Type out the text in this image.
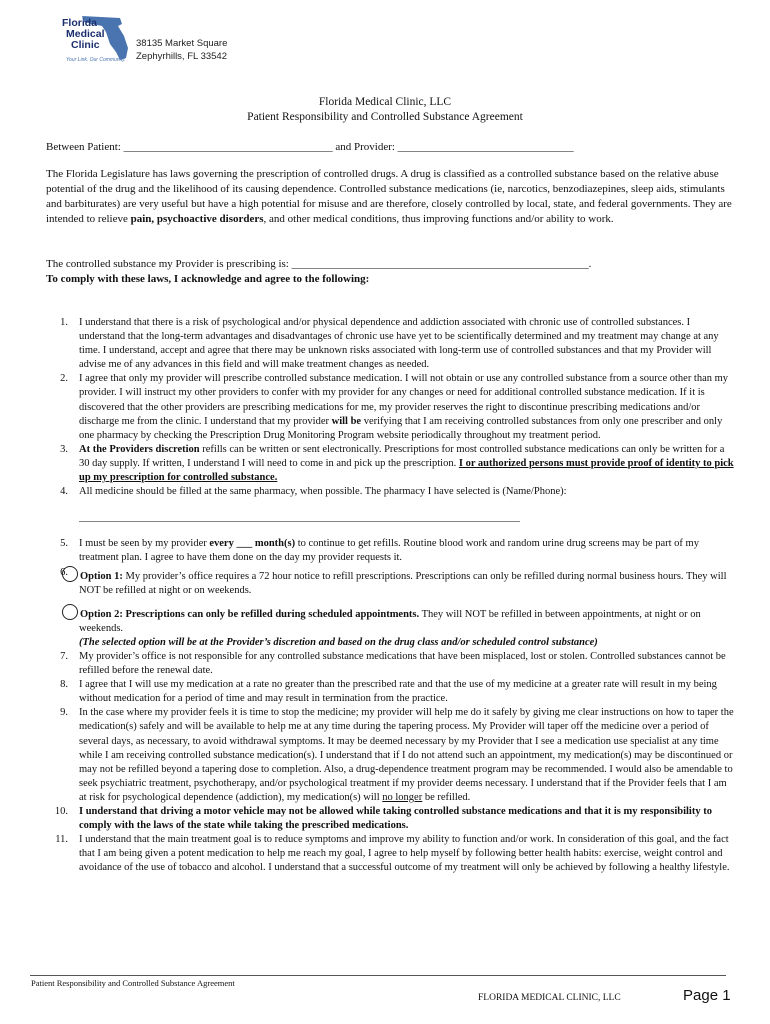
Florida
Medical
Clinic
Your Link. Our Community.
38135 Market Square
Zephyrhills, FL 33542
Florida Medical Clinic, LLC
Patient Responsibility and Controlled Substance Agreement
Between Patient: ______________________________________ and Provider: ________________________________
The Florida Legislature has laws governing the prescription of controlled drugs. A drug is classified as a controlled substance based on the relative abuse potential of the drug and the likelihood of its causing dependence. Controlled substance medications (ie, narcotics, benzodiazepines, sleep aids, stimulants and barbiturates) are very useful but have a high potential for misuse and are therefore, closely controlled by local, state, and federal governments. They are intended to relieve pain, psychoactive disorders, and other medical conditions, thus improving functions and/or ability to work.
The controlled substance my Provider is prescribing is: ______________________________________________________.
To comply with these laws, I acknowledge and agree to the following:
1. I understand that there is a risk of psychological and/or physical dependence and addiction associated with chronic use of controlled substances. I understand that the long-term advantages and disadvantages of chronic use have yet to be scientifically determined and my treatment may change at any time. I understand, accept and agree that there may be unknown risks associated with long-term use of controlled substances and that my Provider will advise me of any advances in this field and will make treatment changes as needed.
2. I agree that only my provider will prescribe controlled substance medication. I will not obtain or use any controlled substance from a source other than my provider. I will instruct my other providers to confer with my provider for any changes or need for additional controlled substance medication. If it is discovered that the other providers are prescribing medications for me, my provider reserves the right to discontinue prescribing medications and/or discharge me from the clinic. I understand that my provider will be verifying that I am receiving controlled substances from only one prescriber and only one pharmacy by checking the Prescription Drug Monitoring Program website periodically throughout my treatment period.
3. At the Providers discretion refills can be written or sent electronically. Prescriptions for most controlled substance medications can only be written for a 30 day supply. If written, I understand I will need to come in and pick up the prescription. I or authorized persons must provide proof of identity to pick up my prescription for controlled substance.
4. All medicine should be filled at the same pharmacy, when possible. The pharmacy I have selected is (Name/Phone):
____________________________________________________________________________________
5. I must be seen by my provider every ___ month(s) to continue to get refills. Routine blood work and random urine drug screens may be part of my treatment plan. I agree to have them done on the day my provider requests it.
6. Option 1: My provider’s office requires a 72 hour notice to refill prescriptions. Prescriptions can only be refilled during normal business hours. They will NOT be refilled at night or on weekends.
Option 2: Prescriptions can only be refilled during scheduled appointments. They will NOT be refilled in between appointments, at night or on weekends.
(The selected option will be at the Provider’s discretion and based on the drug class and/or scheduled control substance)
7. My provider’s office is not responsible for any controlled substance medications that have been misplaced, lost or stolen. Controlled substances cannot be refilled before the renewal date.
8. I agree that I will use my medication at a rate no greater than the prescribed rate and that the use of my medicine at a greater rate will result in my being without medication for a period of time and may result in termination from the practice.
9. In the case where my provider feels it is time to stop the medicine; my provider will help me do it safely by giving me clear instructions on how to taper the medication(s) safely and will be available to help me at any time during the tapering process. My Provider will taper off the medicine over a period of several days, as necessary, to avoid withdrawal symptoms. It may be deemed necessary by my Provider that I see a medication use specialist at any time while I am receiving controlled substance medication(s). I understand that if I do not attend such an appointment, my medication(s) may be discontinued or may not be refilled beyond a tapering dose to completion. Also, a drug-dependence treatment program may be recommended. I would also be amendable to seek psychiatric treatment, psychotherapy, and/or psychological treatment if my provider deems necessary. I understand that if the Provider feels that I am at risk for psychological dependence (addiction), my medication(s) will no longer be refilled.
10. I understand that driving a motor vehicle may not be allowed while taking controlled substance medications and that it is my responsibility to comply with the laws of the state while taking the prescribed medications.
11. I understand that the main treatment goal is to reduce symptoms and improve my ability to function and/or work. In consideration of this goal, and the fact that I am being given a potent medication to help me reach my goal, I agree to help myself by following better health habits: exercise, weight control and avoidance of the use of tobacco and alcohol. I understand that a successful outcome of my treatment will only be achieved by following a healthy lifestyle.
Patient Responsibility and Controlled Substance Agreement
FLORIDA MEDICAL CLINIC, LLC	Page 1
